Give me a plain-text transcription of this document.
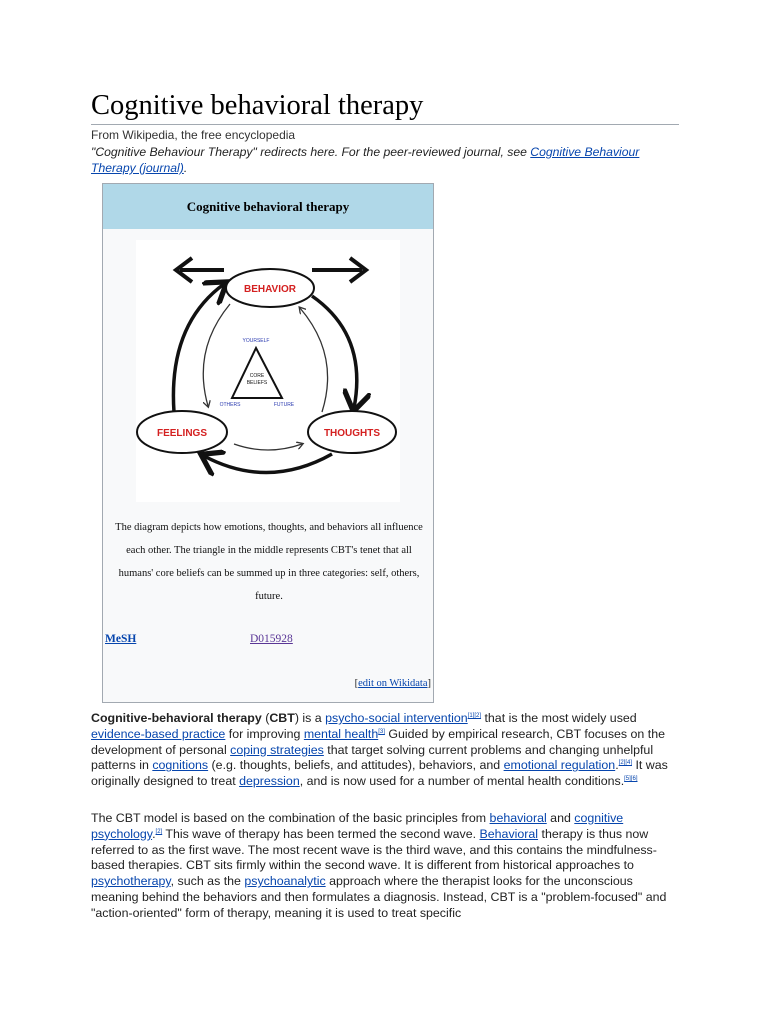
Cognitive behavioral therapy
From Wikipedia, the free encyclopedia
"Cognitive Behaviour Therapy" redirects here. For the peer-reviewed journal, see Cognitive Behaviour Therapy (journal).
Cognitive behavioral therapy
BEHAVIOR
FEELINGS	THOUGHTS
YOURSELF
OTHERS	FUTURE
CORE
BELIEFS
The diagram depicts how emotions, thoughts, and behaviors all influence each other. The triangle in the middle represents CBT's tenet that all humans' core beliefs can be summed up in three categories: self, others, future.
MeSH	D015928
[edit on Wikidata]

Cognitive-behavioral therapy (CBT) is a psycho-social intervention[1][2] that is the most widely used evidence-based practice for improving mental health[3] Guided by empirical research, CBT focuses on the development of personal coping strategies that target solving current problems and changing unhelpful patterns in cognitions (e.g. thoughts, beliefs, and attitudes), behaviors, and emotional regulation.[2][4] It was originally designed to treat depression, and is now used for a number of mental health conditions.[5][6]

The CBT model is based on the combination of the basic principles from behavioral and cognitive psychology.[2] This wave of therapy has been termed the second wave. Behavioral therapy is thus now referred to as the first wave. The most recent wave is the third wave, and this contains the mindfulness-based therapies. CBT sits firmly within the second wave. It is different from historical approaches to psychotherapy, such as the psychoanalytic approach where the therapist looks for the unconscious meaning behind the behaviors and then formulates a diagnosis. Instead, CBT is a "problem-focused" and "action-oriented" form of therapy, meaning it is used to treat specific
